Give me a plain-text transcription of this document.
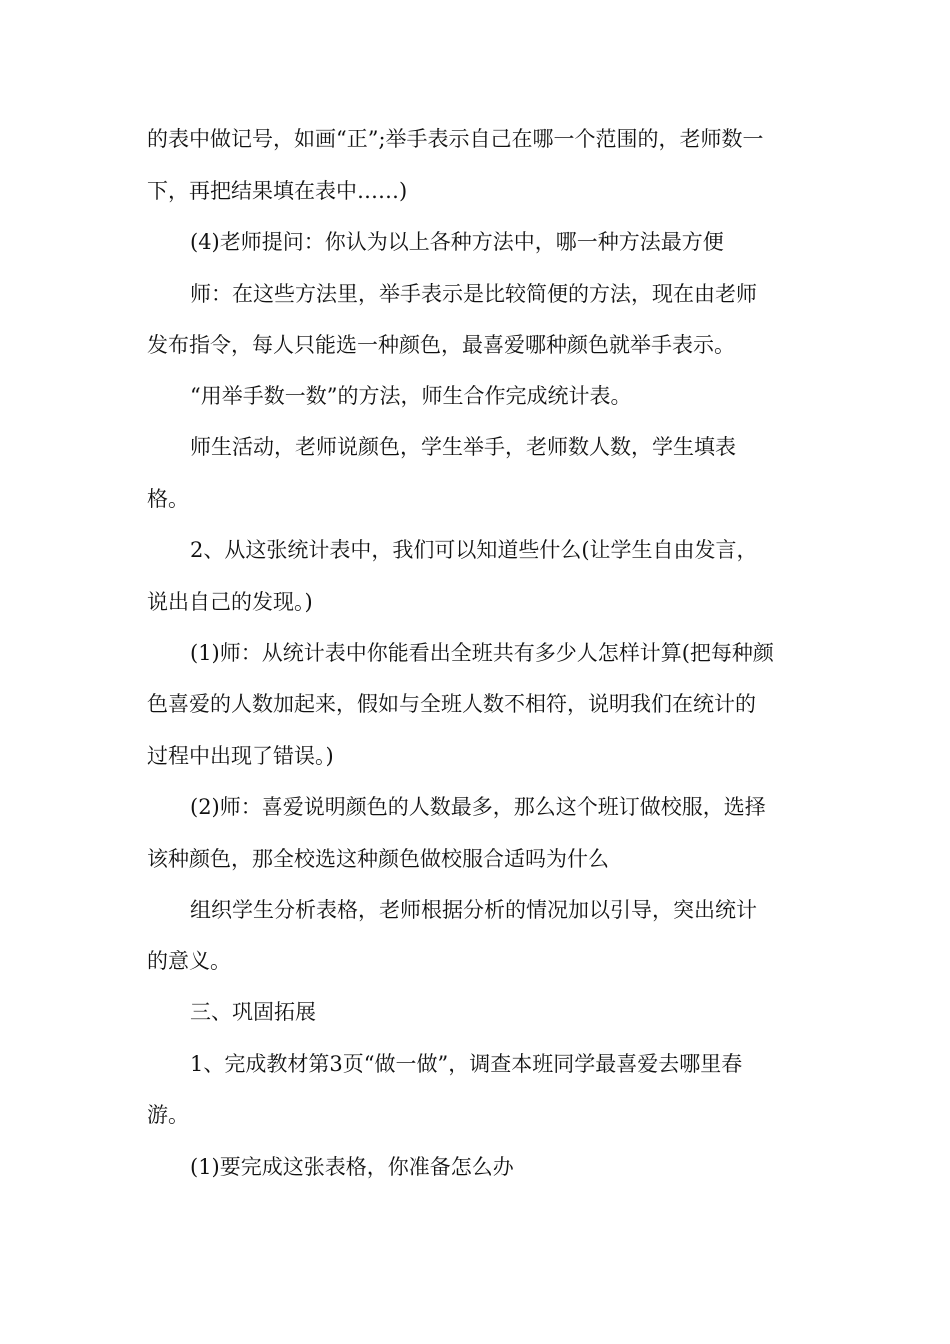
的表中做记号，如画“正”;举手表示自己在哪一个范围的，老师数一
下，再把结果填在表中……)
(4)老师提问：你认为以上各种方法中，哪一种方法最方便
师：在这些方法里，举手表示是比较简便的方法，现在由老师
发布指令，每人只能选一种颜色，最喜爱哪种颜色就举手表示。
“用举手数一数”的方法，师生合作完成统计表。
师生活动，老师说颜色，学生举手，老师数人数，学生填表
格。
2、从这张统计表中，我们可以知道些什么(让学生自由发言，
说出自己的发现。)
(1)师：从统计表中你能看出全班共有多少人怎样计算(把每种颜
色喜爱的人数加起来，假如与全班人数不相符，说明我们在统计的
过程中出现了错误。)
(2)师：喜爱说明颜色的人数最多，那么这个班订做校服，选择
该种颜色，那全校选这种颜色做校服合适吗为什么
组织学生分析表格，老师根据分析的情况加以引导，突出统计
的意义。
三、巩固拓展
1、完成教材第3页“做一做”，调查本班同学最喜爱去哪里春
游。
(1)要完成这张表格，你准备怎么办
